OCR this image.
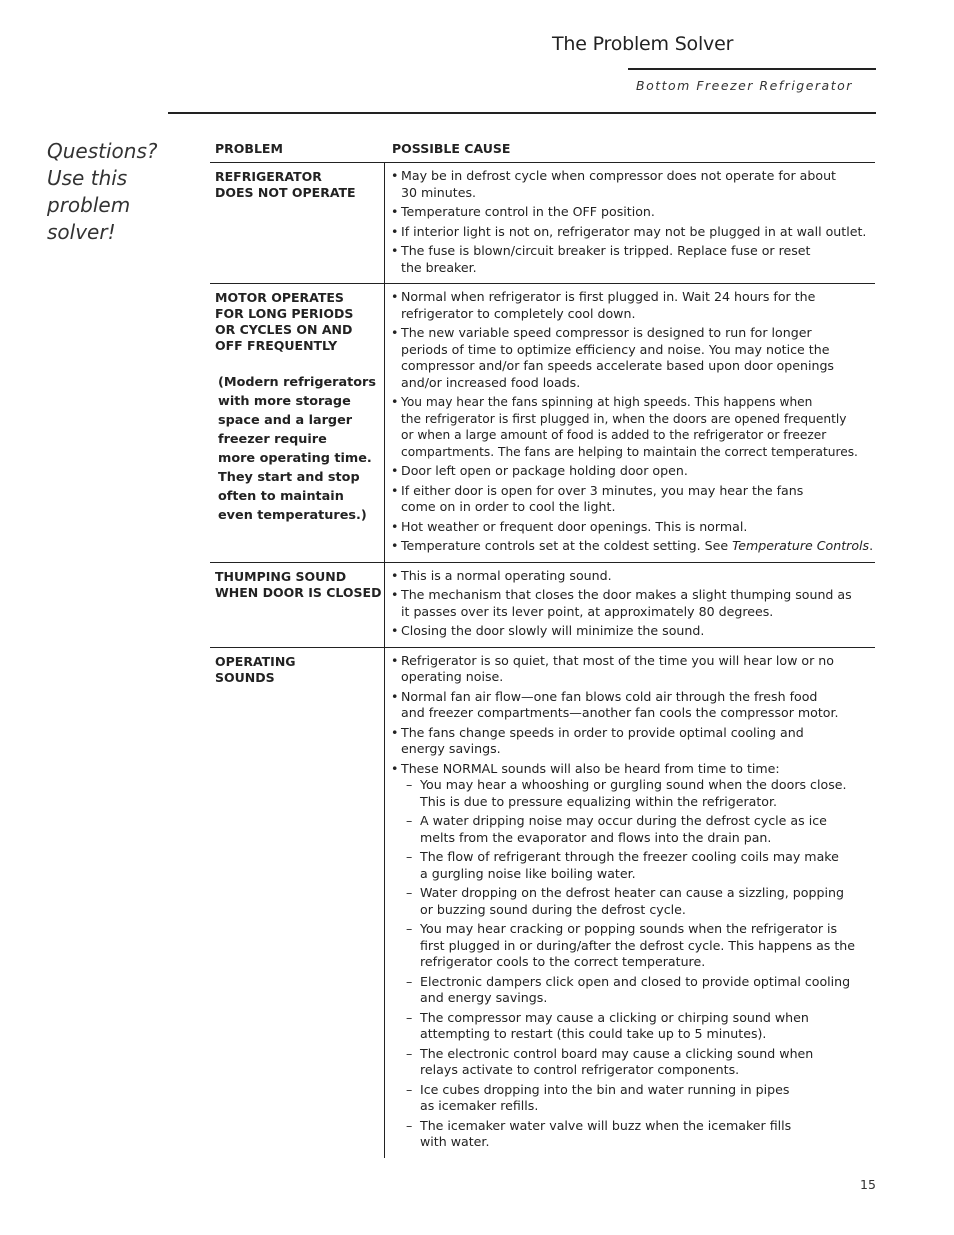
The Problem Solver
Bottom Freezer Refrigerator
Questions?
Use this
problem
solver!
PROBLEM	POSSIBLE CAUSE
REFRIGERATOR
DOES NOT OPERATE
• May be in defrost cycle when compressor does not operate for about
30 minutes.
• Temperature control in the OFF position.
• If interior light is not on, refrigerator may not be plugged in at wall outlet.
• The fuse is blown/circuit breaker is tripped. Replace fuse or reset
the breaker.
MOTOR OPERATES
FOR LONG PERIODS
OR CYCLES ON AND
OFF FREQUENTLY
(Modern refrigerators
with more storage
space and a larger
freezer require
more operating time.
They start and stop
often to maintain
even temperatures.)
• Normal when refrigerator is first plugged in. Wait 24 hours for the
refrigerator to completely cool down.
• The new variable speed compressor is designed to run for longer
periods of time to optimize efficiency and noise. You may notice the
compressor and/or fan speeds accelerate based upon door openings
and/or increased food loads.
• You may hear the fans spinning at high speeds. This happens when
the refrigerator is first plugged in, when the doors are opened frequently
or when a large amount of food is added to the refrigerator or freezer
compartments. The fans are helping to maintain the correct temperatures.
• Door left open or package holding door open.
• If either door is open for over 3 minutes, you may hear the fans
come on in order to cool the light.
• Hot weather or frequent door openings. This is normal.
• Temperature controls set at the coldest setting. See Temperature Controls.
THUMPING SOUND
WHEN DOOR IS CLOSED
• This is a normal operating sound.
• The mechanism that closes the door makes a slight thumping sound as
it passes over its lever point, at approximately 80 degrees.
• Closing the door slowly will minimize the sound.
OPERATING
SOUNDS
• Refrigerator is so quiet, that most of the time you will hear low or no
operating noise.
• Normal fan air flow—one fan blows cold air through the fresh food
and freezer compartments—another fan cools the compressor motor.
• The fans change speeds in order to provide optimal cooling and
energy savings.
• These NORMAL sounds will also be heard from time to time:
– You may hear a whooshing or gurgling sound when the doors close.
This is due to pressure equalizing within the refrigerator.
– A water dripping noise may occur during the defrost cycle as ice
melts from the evaporator and flows into the drain pan.
– The flow of refrigerant through the freezer cooling coils may make
a gurgling noise like boiling water.
– Water dropping on the defrost heater can cause a sizzling, popping
or buzzing sound during the defrost cycle.
– You may hear cracking or popping sounds when the refrigerator is
first plugged in or during/after the defrost cycle. This happens as the
refrigerator cools to the correct temperature.
– Electronic dampers click open and closed to provide optimal cooling
and energy savings.
– The compressor may cause a clicking or chirping sound when
attempting to restart (this could take up to 5 minutes).
– The electronic control board may cause a clicking sound when
relays activate to control refrigerator components.
– Ice cubes dropping into the bin and water running in pipes
as icemaker refills.
– The icemaker water valve will buzz when the icemaker fills
with water.
15
